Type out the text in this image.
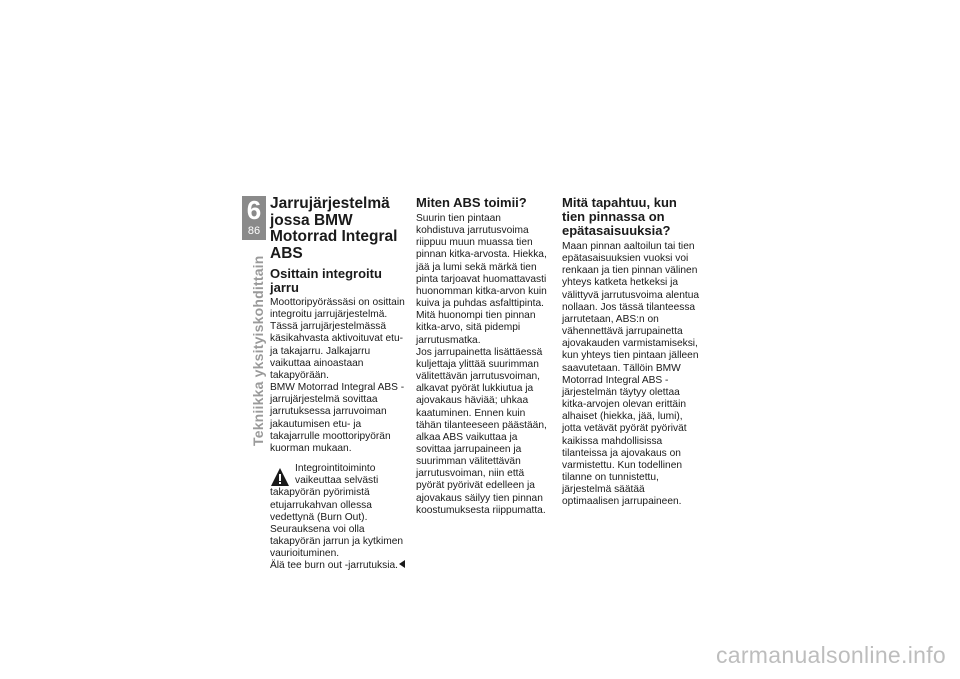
6
86
Tekniikka yksityiskohdittain
Jarrujärjestelmä jossa BMW Motorrad Integral ABS
Osittain integroitu jarru

Moottoripyörässäsi on osittain integroitu jarrujärjestelmä. Tässä jarrujärjestelmässä käsikahvasta aktivoituvat etu- ja takajarru. Jalkajarru vaikuttaa ainoastaan takapyörään.

BMW Motorrad Integral ABS -jarrujärjestelmä sovittaa jarrutuksessa jarruvoiman jakautumisen etu- ja takajarrulle moottoripyörän kuorman mukaan.

Integrointitoiminto vaikeuttaa selvästi takapyörän pyörimistä etujarrukahvan ollessa vedettynä (Burn Out). Seurauksena voi olla takapyörän jarrun ja kytkimen vaurioituminen.

Älä tee burn out -jarrutuksia.

Miten ABS toimii?

Suurin tien pintaan kohdistuva jarrutusvoima riippuu muun muassa tien pinnan kitka-arvosta. Hiekka, jää ja lumi sekä märkä tien pinta tarjoavat huomattavasti huonomman kitka-arvon kuin kuiva ja puhdas asfalttipinta. Mitä huonompi tien pinnan kitka-arvo, sitä pidempi jarrutusmatka.

Jos jarrupainetta lisättäessä kuljettaja ylittää suurimman välitettävän jarrutusvoiman, alkavat pyörät lukkiutua ja ajovakaus häviää; uhkaa kaatuminen. Ennen kuin tähän tilanteeseen päästään, alkaa ABS vaikuttaa ja sovittaa jarrupaineen ja suurimman välitettävän jarrutusvoiman, niin että pyörät pyörivät edelleen ja ajovakaus säilyy tien pinnan koostumuksesta riippumatta.

Mitä tapahtuu, kun tien pinnassa on epätasaisuuksia?

Maan pinnan aaltoilun tai tien epätasaisuuksien vuoksi voi renkaan ja tien pinnan välinen yhteys katketa hetkeksi ja välittyvä jarrutusvoima alentua nollaan. Jos tässä tilanteessa jarrutetaan, ABS:n on vähennettävä jarrupainetta ajovakauden varmistamiseksi, kun yhteys tien pintaan jälleen saavutetaan. Tällöin BMW Motorrad Integral ABS -järjestelmän täytyy olettaa kitka-arvojen olevan erittäin alhaiset (hiekka, jää, lumi), jotta vetävät pyörät pyörivät kaikissa mahdollisissa tilanteissa ja ajovakaus on varmistettu. Kun todellinen tilanne on tunnistettu, järjestelmä säätää optimaalisen jarrupaineen.

carmanualsonline.info
